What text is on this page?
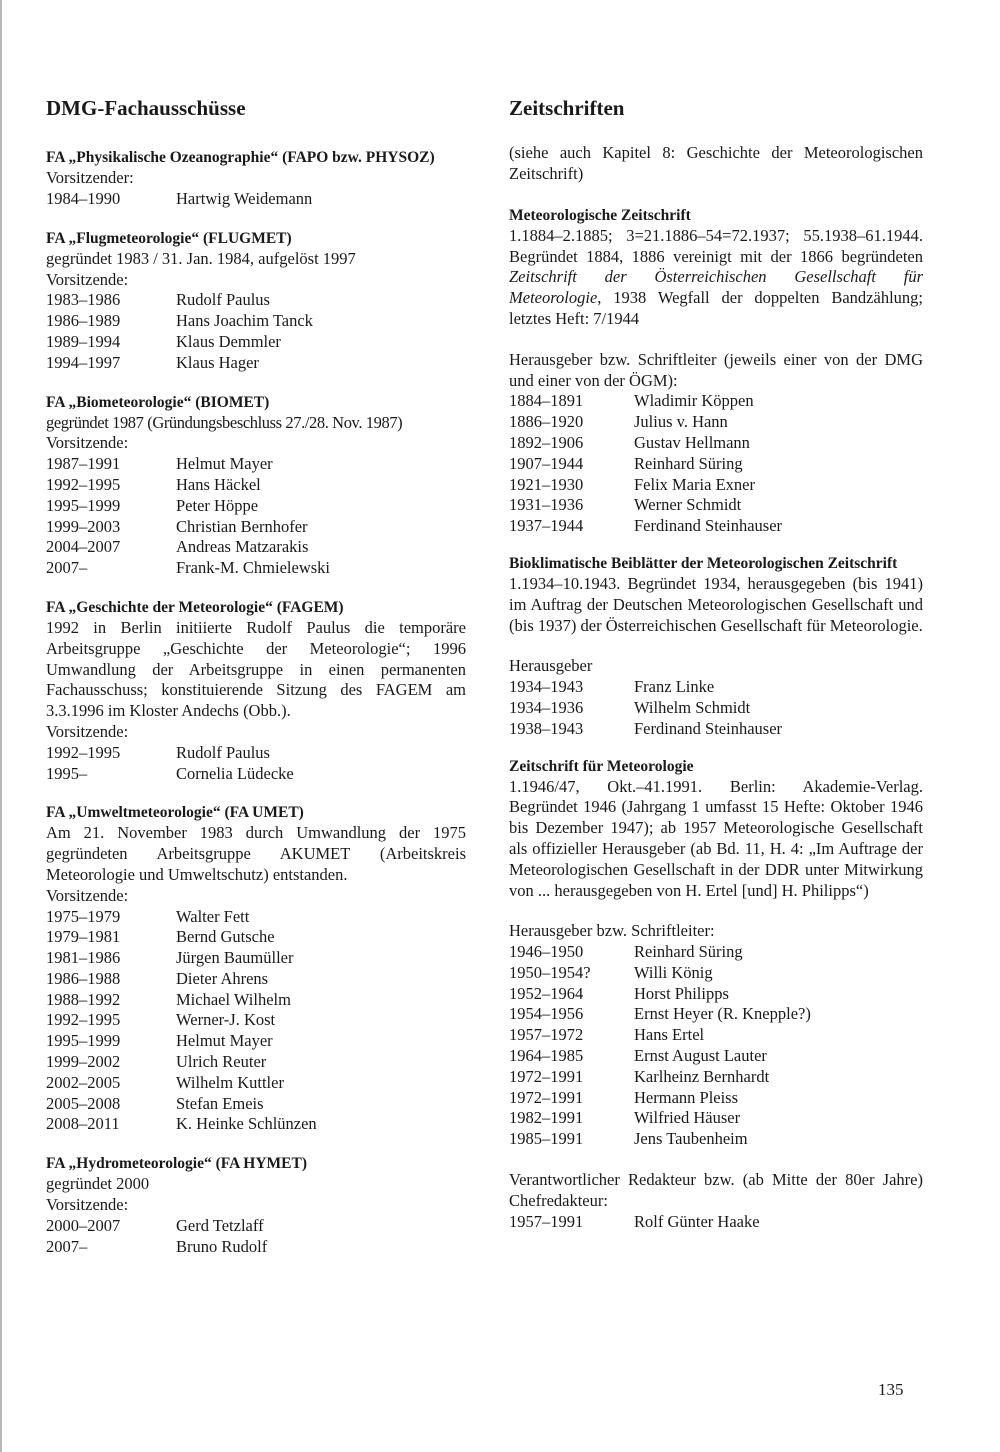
DMG-Fachausschüsse
FA „Physikalische Ozeanographie“ (FAPO bzw. PHYSOZ)
Vorsitzender:
1984–1990	Hartwig Weidemann
FA „Flugmeteorologie“ (FLUGMET)
gegründet 1983 / 31. Jan. 1984, aufgelöst 1997
Vorsitzende:
1983–1986	Rudolf Paulus
1986–1989	Hans Joachim Tanck
1989–1994	Klaus Demmler
1994–1997	Klaus Hager
FA „Biometeorologie“ (BIOMET)
gegründet 1987 (Gründungsbeschluss 27./28. Nov. 1987)
Vorsitzende:
1987–1991	Helmut Mayer
1992–1995	Hans Häckel
1995–1999	Peter Höppe
1999–2003	Christian Bernhofer
2004–2007	Andreas Matzarakis
2007–	Frank-M. Chmielewski
FA „Geschichte der Meteorologie“ (FAGEM)
1992 in Berlin initiierte Rudolf Paulus die temporäre Arbeitsgruppe „Geschichte der Meteorologie“; 1996 Umwandlung der Arbeitsgruppe in einen permanenten Fachausschuss; konstituierende Sitzung des FAGEM am 3.3.1996 im Kloster Andechs (Obb.).
Vorsitzende:
1992–1995	Rudolf Paulus
1995–	Cornelia Lüdecke
FA „Umweltmeteorologie“ (FA UMET)
Am 21. November 1983 durch Umwandlung der 1975 gegründeten Arbeitsgruppe AKUMET (Arbeitskreis Meteorologie und Umweltschutz) entstanden.
Vorsitzende:
1975–1979	Walter Fett
1979–1981	Bernd Gutsche
1981–1986	Jürgen Baumüller
1986–1988	Dieter Ahrens
1988–1992	Michael Wilhelm
1992–1995	Werner-J. Kost
1995–1999	Helmut Mayer
1999–2002	Ulrich Reuter
2002–2005	Wilhelm Kuttler
2005–2008	Stefan Emeis
2008–2011	K. Heinke Schlünzen
FA „Hydrometeorologie“ (FA HYMET)
gegründet 2000
Vorsitzende:
2000–2007	Gerd Tetzlaff
2007–	Bruno Rudolf
Zeitschriften
(siehe auch Kapitel 8: Geschichte der Meteorologischen Zeitschrift)
Meteorologische Zeitschrift
1.1884–2.1885; 3=21.1886–54=72.1937; 55.1938–61.1944. Begründet 1884, 1886 vereinigt mit der 1866 begründeten Zeitschrift der Österreichischen Gesellschaft für Meteorologie, 1938 Wegfall der doppelten Bandzählung; letztes Heft: 7/1944
Herausgeber bzw. Schriftleiter (jeweils einer von der DMG und einer von der ÖGM):
1884–1891	Wladimir Köppen
1886–1920	Julius v. Hann
1892–1906	Gustav Hellmann
1907–1944	Reinhard Süring
1921–1930	Felix Maria Exner
1931–1936	Werner Schmidt
1937–1944	Ferdinand Steinhauser
Bioklimatische Beiblätter der Meteorologischen Zeitschrift
1.1934–10.1943. Begründet 1934, herausgegeben (bis 1941) im Auftrag der Deutschen Meteorologischen Gesellschaft und (bis 1937) der Österreichischen Gesellschaft für Meteorologie.
Herausgeber
1934–1943	Franz Linke
1934–1936	Wilhelm Schmidt
1938–1943	Ferdinand Steinhauser
Zeitschrift für Meteorologie
1.1946/47, Okt.–41.1991. Berlin: Akademie-Verlag. Begründet 1946 (Jahrgang 1 umfasst 15 Hefte: Oktober 1946 bis Dezember 1947); ab 1957 Meteorologische Gesellschaft als offizieller Herausgeber (ab Bd. 11, H. 4: „Im Auftrage der Meteorologischen Gesellschaft in der DDR unter Mitwirkung von ... herausgegeben von H. Ertel [und] H. Philipps“)
Herausgeber bzw. Schriftleiter:
1946–1950	Reinhard Süring
1950–1954?	Willi König
1952–1964	Horst Philipps
1954–1956	Ernst Heyer (R. Knepple?)
1957–1972	Hans Ertel
1964–1985	Ernst August Lauter
1972–1991	Karlheinz Bernhardt
1972–1991	Hermann Pleiss
1982–1991	Wilfried Häuser
1985–1991	Jens Taubenheim
Verantwortlicher Redakteur bzw. (ab Mitte der 80er Jahre) Chefredakteur:
1957–1991	Rolf Günter Haake
135
